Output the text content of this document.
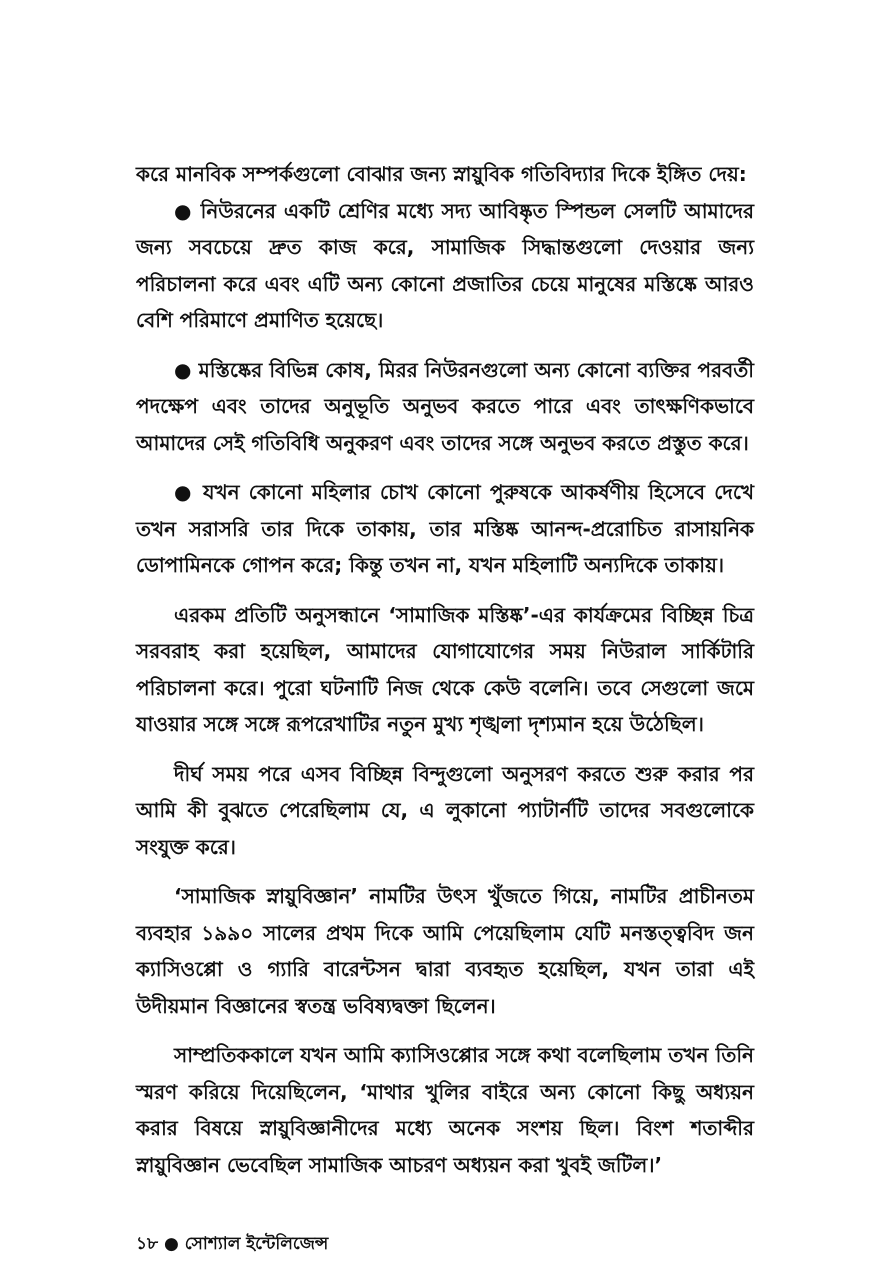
করে মানবিক সম্পর্কগুলো বোঝার জন্য স্নায়ুবিক গতিবিদ্যার দিকে ইঙ্গিত দেয়:

● নিউরনের একটি শ্রেণির মধ্যে সদ্য আবিষ্কৃত স্পিন্ডল সেলটি আমাদের জন্য সবচেয়ে দ্রুত কাজ করে, সামাজিক সিদ্ধান্তগুলো দেওয়ার জন্য পরিচালনা করে এবং এটি অন্য কোনো প্রজাতির চেয়ে মানুষের মস্তিষ্কে আরও বেশি পরিমাণে প্রমাণিত হয়েছে।

● মস্তিষ্কের বিভিন্ন কোষ, মিরর নিউরনগুলো অন্য কোনো ব্যক্তির পরবর্তী পদক্ষেপ এবং তাদের অনুভূতি অনুভব করতে পারে এবং তাৎক্ষণিকভাবে আমাদের সেই গতিবিধি অনুকরণ এবং তাদের সঙ্গে অনুভব করতে প্রস্তুত করে।

● যখন কোনো মহিলার চোখ কোনো পুরুষকে আকর্ষণীয় হিসেবে দেখে তখন সরাসরি তার দিকে তাকায়, তার মস্তিষ্ক আনন্দ-প্ররোচিত রাসায়নিক ডোপামিনকে গোপন করে; কিন্তু তখন না, যখন মহিলাটি অন্যদিকে তাকায়।

এরকম প্রতিটি অনুসন্ধানে ‘সামাজিক মস্তিষ্ক’-এর কার্যক্রমের বিচ্ছিন্ন চিত্র সরবরাহ করা হয়েছিল, আমাদের যোগাযোগের সময় নিউরাল সার্কিটারি পরিচালনা করে। পুরো ঘটনাটি নিজ থেকে কেউ বলেনি। তবে সেগুলো জমে যাওয়ার সঙ্গে সঙ্গে রূপরেখাটির নতুন মুখ্য শৃঙ্খলা দৃশ্যমান হয়ে উঠেছিল।

দীর্ঘ সময় পরে এসব বিচ্ছিন্ন বিন্দুগুলো অনুসরণ করতে শুরু করার পর আমি কী বুঝতে পেরেছিলাম যে, এ লুকানো প্যাটার্নটি তাদের সবগুলোকে সংযুক্ত করে।

‘সামাজিক স্নায়ুবিজ্ঞান’ নামটির উৎস খুঁজতে গিয়ে, নামটির প্রাচীনতম ব্যবহার ১৯৯০ সালের প্রথম দিকে আমি পেয়েছিলাম যেটি মনস্তত্ত্ববিদ জন ক্যাসিওপ্পো ও গ্যারি বারেন্টসন দ্বারা ব্যবহৃত হয়েছিল, যখন তারা এই উদীয়মান বিজ্ঞানের স্বতন্ত্র ভবিষ্যদ্বক্তা ছিলেন।

সাম্প্রতিককালে যখন আমি ক্যাসিওপ্পোর সঙ্গে কথা বলেছিলাম তখন তিনি স্মরণ করিয়ে দিয়েছিলেন, ‘মাথার খুলির বাইরে অন্য কোনো কিছু অধ্যয়ন করার বিষয়ে স্নায়ুবিজ্ঞানীদের মধ্যে অনেক সংশয় ছিল। বিংশ শতাব্দীর স্নায়ুবিজ্ঞান ভেবেছিল সামাজিক আচরণ অধ্যয়ন করা খুবই জটিল।’

১৮ ● সোশ্যাল ইন্টেলিজেন্স
